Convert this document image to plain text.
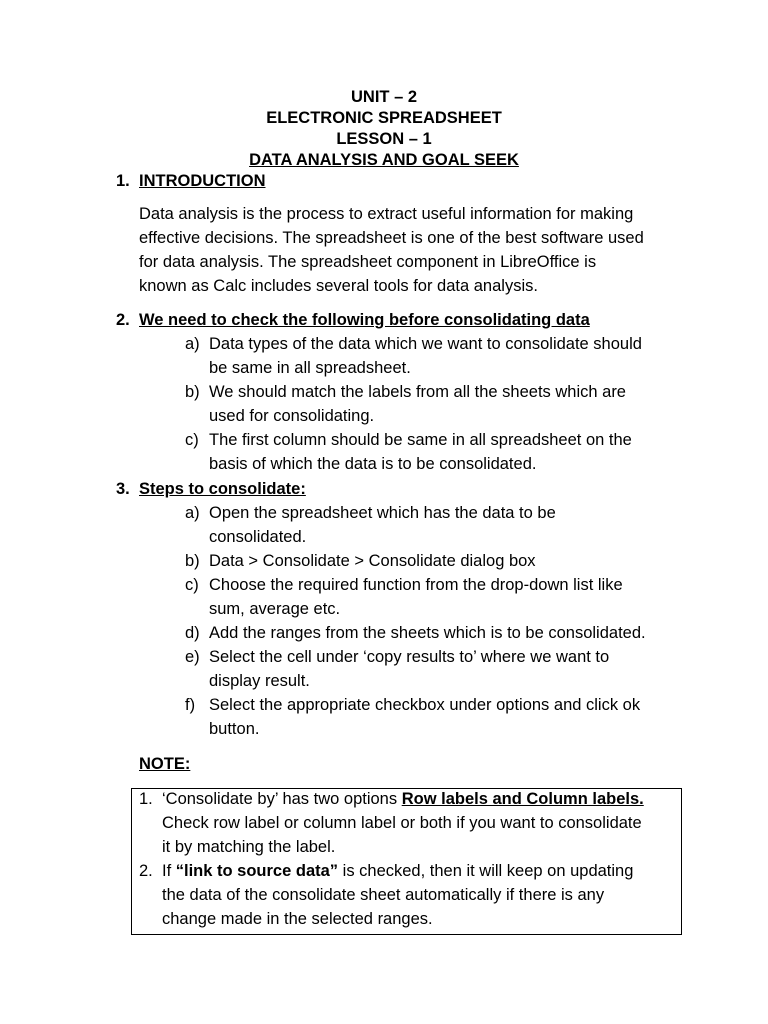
UNIT – 2
ELECTRONIC SPREADSHEET
LESSON – 1
DATA ANALYSIS AND GOAL SEEK
1. INTRODUCTION
Data analysis is the process to extract useful information for making
effective decisions. The spreadsheet is one of the best software used
for data analysis. The spreadsheet component in LibreOffice is
known as Calc includes several tools for data analysis.
2. We need to check the following before consolidating data
a) Data types of the data which we want to consolidate should
be same in all spreadsheet.
b) We should match the labels from all the sheets which are
used for consolidating.
c) The first column should be same in all spreadsheet on the
basis of which the data is to be consolidated.
3. Steps to consolidate:
a) Open the spreadsheet which has the data to be
consolidated.
b) Data > Consolidate > Consolidate dialog box
c) Choose the required function from the drop-down list like
sum, average etc.
d) Add the ranges from the sheets which is to be consolidated.
e) Select the cell under ‘copy results to’ where we want to
display result.
f) Select the appropriate checkbox under options and click ok
button.
NOTE:
1. ‘Consolidate by’ has two options Row labels and Column labels.
Check row label or column label or both if you want to consolidate
it by matching the label.
2. If “link to source data” is checked, then it will keep on updating
the data of the consolidate sheet automatically if there is any
change made in the selected ranges.
